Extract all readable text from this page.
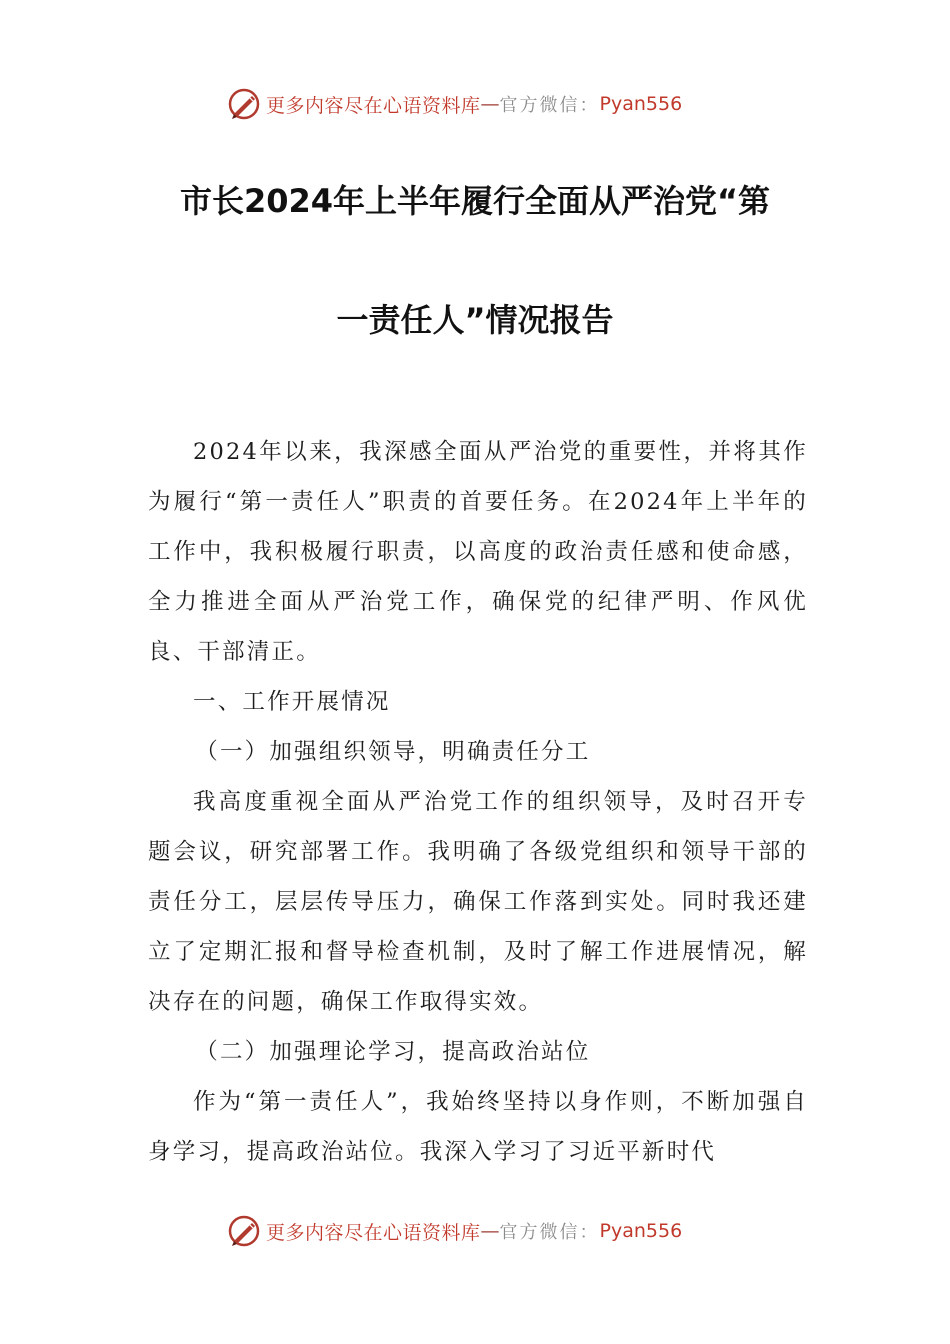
更多内容尽在心语资料库 — 官方微信： Pyan556
市长2024年上半年履行全面从严治党“第
一责任人”情况报告

2024年以来，我深感全面从严治党的重要性，并将其作为履行“第一责任人”职责的首要任务。在2024年上半年的工作中，我积极履行职责，以高度的政治责任感和使命感，全力推进全面从严治党工作，确保党的纪律严明、作风优良、干部清正。

一、工作开展情况

（一）加强组织领导，明确责任分工

我高度重视全面从严治党工作的组织领导，及时召开专题会议，研究部署工作。我明确了各级党组织和领导干部的责任分工，层层传导压力，确保工作落到实处。同时我还建立了定期汇报和督导检查机制，及时了解工作进展情况，解决存在的问题，确保工作取得实效。

（二）加强理论学习，提高政治站位

作为“第一责任人”，我始终坚持以身作则，不断加强自身学习，提高政治站位。我深入学习了习近平新时代

更多内容尽在心语资料库 — 官方微信： Pyan556
